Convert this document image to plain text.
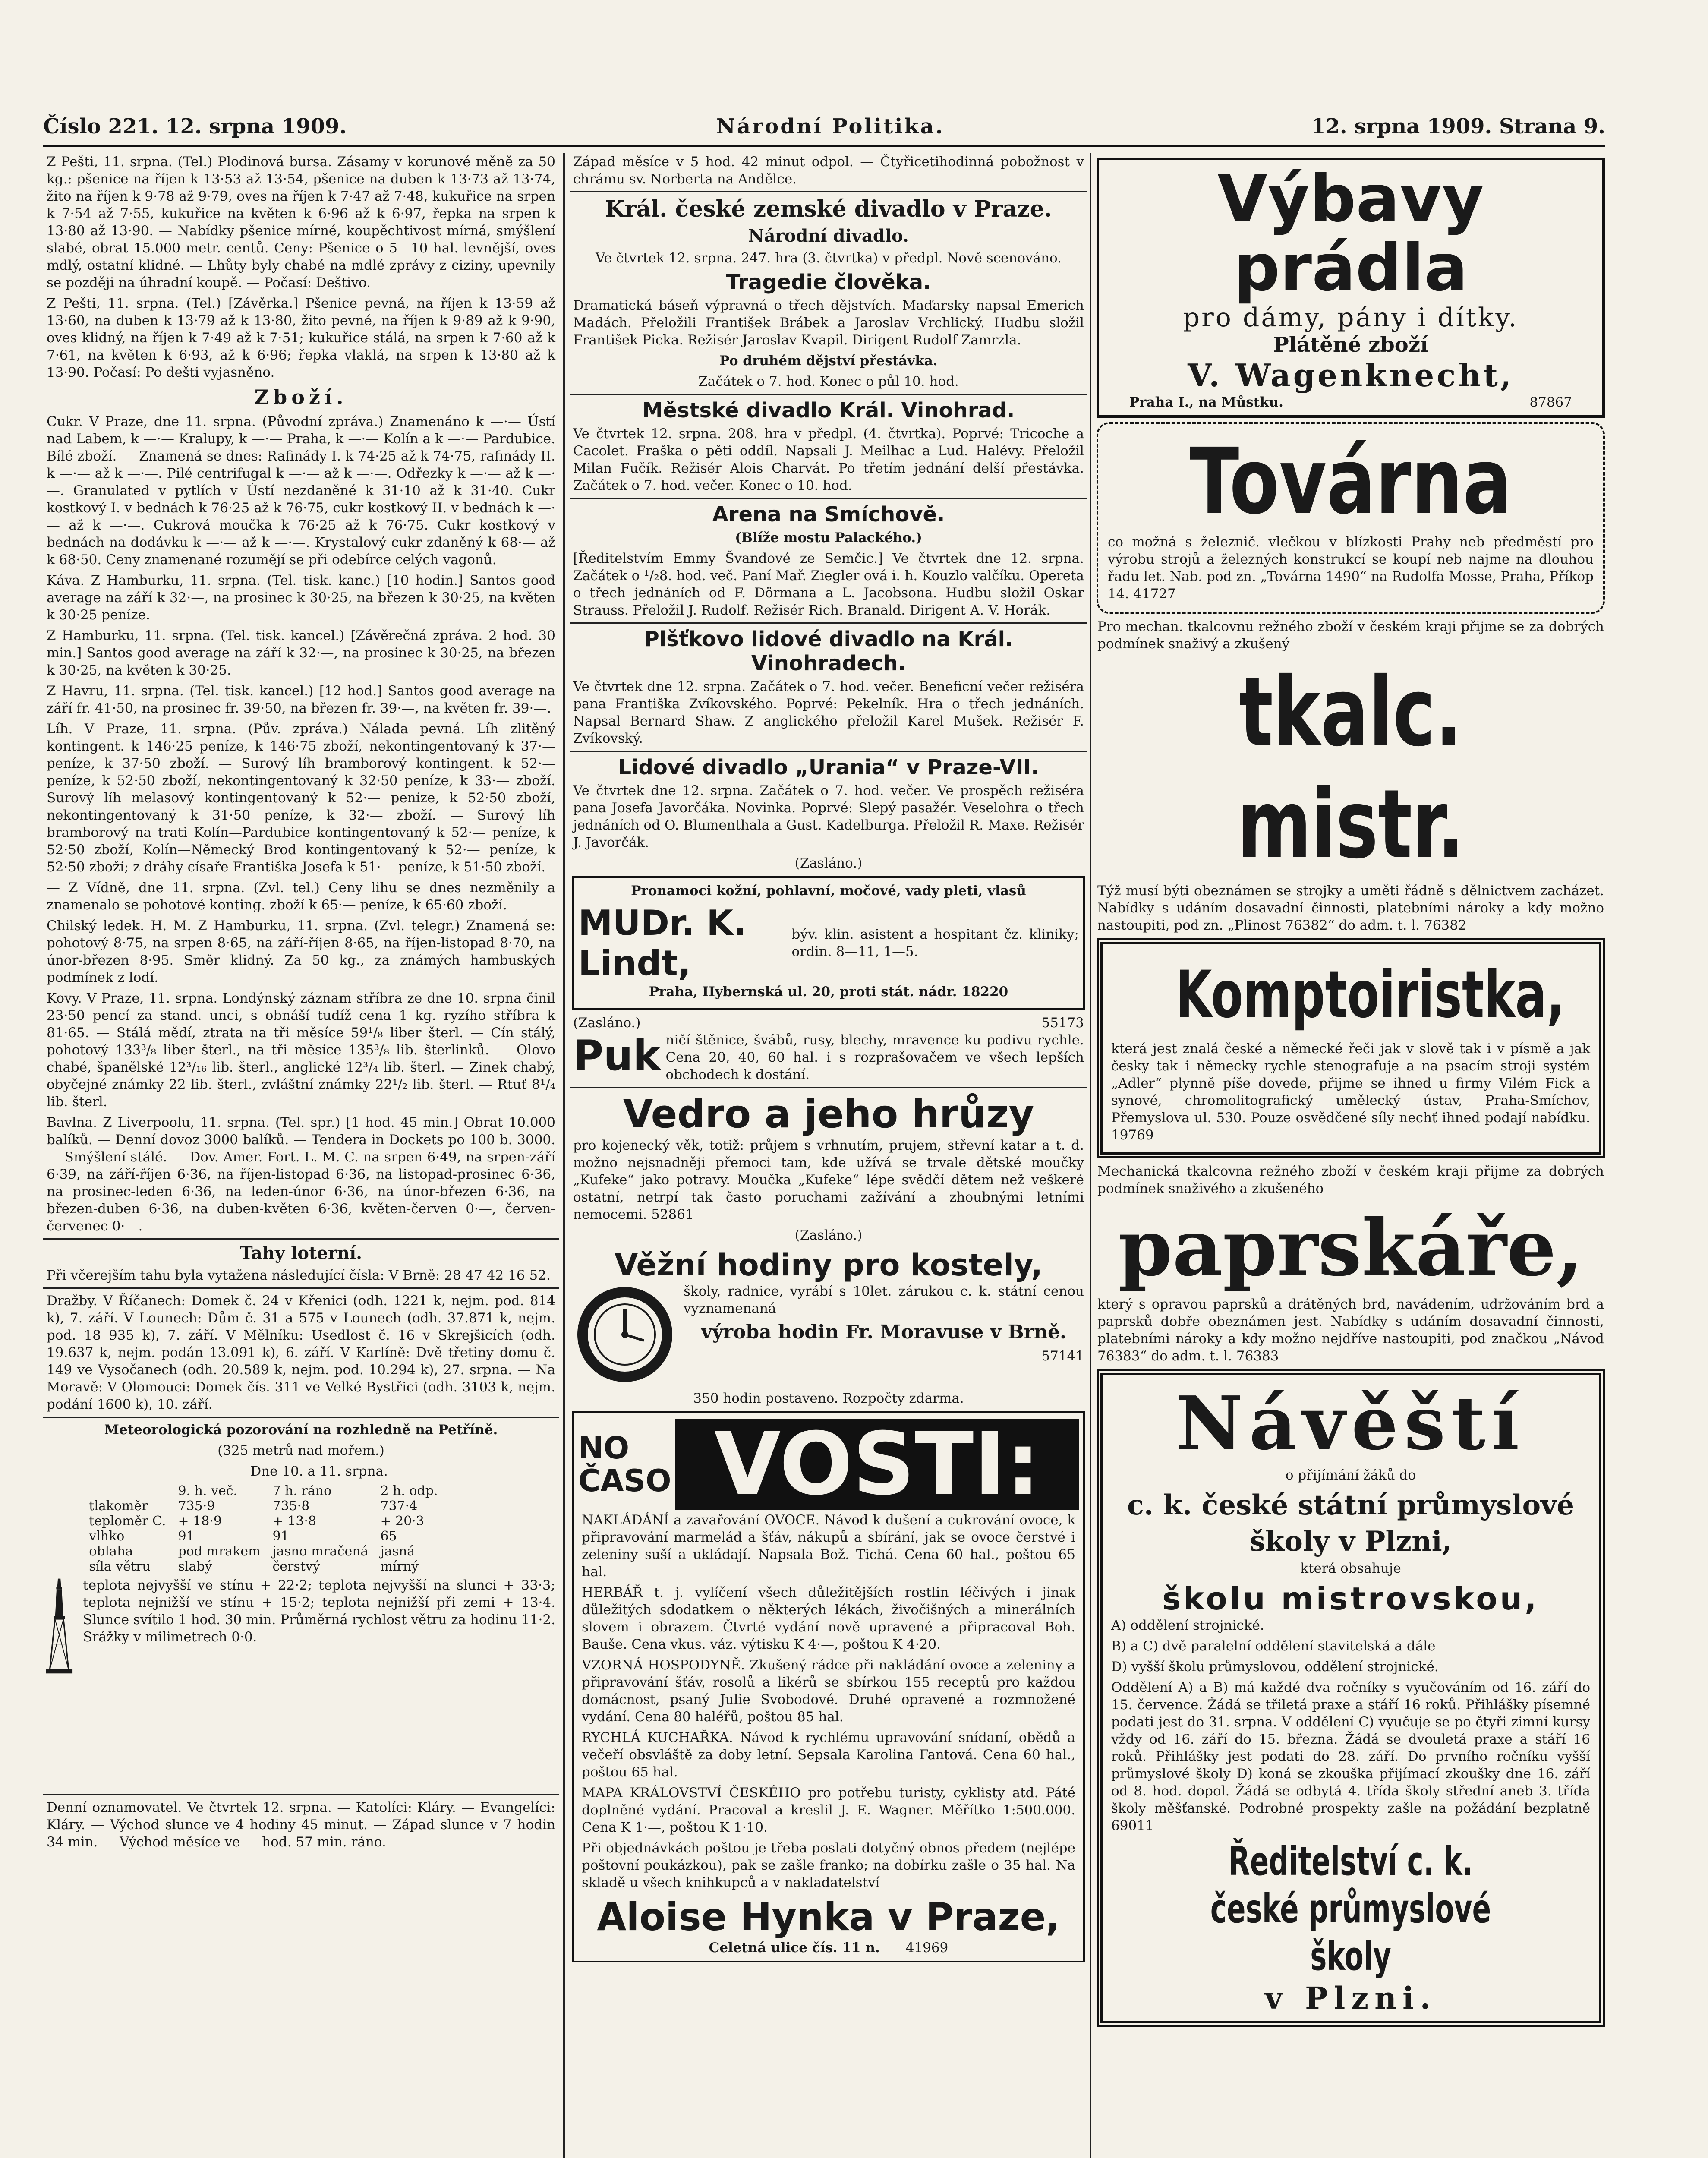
Číslo 221. 12. srpna 1909.	Národní Politika.	12. srpna 1909. Strana 9.
Z Pešti, 11. srpna. (Tel.) Plodinová bursa. Zásamy v korunové měně za 50 kg.: pšenice na říjen k 13·53 až 13·54, pšenice na duben k 13·73 až 13·74, žito na říjen k 9·78 až 9·79, oves na říjen k 7·47 až 7·48, kukuřice na srpen k 7·54 až 7·55, kukuřice na květen k 6·96 až k 6·97, řepka na srpen k 13·80 až 13·90. — Nabídky pšenice mírné, koupěchtivost mírná, smýšlení slabé, obrat 15.000 metr. centů. Ceny: Pšenice o 5—10 hal. levnější, oves mdlý, ostatní klidné. — Lhůty byly chabé na mdlé zprávy z ciziny, upevnily se později na úhradní koupě. — Počasí: Deštivo.
Z Pešti, 11. srpna. (Tel.) [Závěrka.] Pšenice pevná, na říjen k 13·59 až 13·60, na duben k 13·79 až k 13·80, žito pevné, na říjen k 9·89 až k 9·90, oves klidný, na říjen k 7·49 až k 7·51; kukuřice stálá, na srpen k 7·60 až k 7·61, na květen k 6·93, až k 6·96; řepka vlaklá, na srpen k 13·80 až k 13·90. Počasí: Po dešti vyjasněno.
Zboží.
Cukr. V Praze, dne 11. srpna. (Původní zpráva.) Znamenáno k —·— Ústí nad Labem, k —·— Kralupy, k —·— Praha, k —·— Kolín a k —·— Pardubice. Bílé zboží. — Znamená se dnes: Rafinády I. k 74·25 až k 74·75, rafinády II. k —·— až k —·—. Pilé centrifugal k —·— až k —·—. Odřezky k —·— až k —·—. Granulated v pytlích v Ústí nezdaněné k 31·10 až k 31·40. Cukr kostkový I. v bednách k 76·25 až k 76·75, cukr kostkový II. v bednách k —·— až k —·—. Cukrová moučka k 76·25 až k 76·75. Cukr kostkový v bednách na dodávku k —·— až k —·—. Krystalový cukr zdaněný k 68·— až k 68·50. Ceny znamenané rozumějí se při odebírce celých vagonů.
Káva. Z Hamburku, 11. srpna. (Tel. tisk. kanc.) [10 hodin.] Santos good average na září k 32·—, na prosinec k 30·25, na březen k 30·25, na květen k 30·25 peníze.
Z Hamburku, 11. srpna. (Tel. tisk. kancel.) [Závěrečná zpráva. 2 hod. 30 min.] Santos good average na září k 32·—, na prosinec k 30·25, na březen k 30·25, na květen k 30·25.
Z Havru, 11. srpna. (Tel. tisk. kancel.) [12 hod.] Santos good average na září fr. 41·50, na prosinec fr. 39·50, na březen fr. 39·—, na květen fr. 39·—.
Líh. V Praze, 11. srpna. (Pův. zpráva.) Nálada pevná. Líh zlitěný kontingent. k 146·25 peníze, k 146·75 zboží, nekontingentovaný k 37·— peníze, k 37·50 zboží. — Surový líh bramborový kontingent. k 52·— peníze, k 52·50 zboží, nekontingentovaný k 32·50 peníze, k 33·— zboží. Surový líh melasový kontingentovaný k 52·— peníze, k 52·50 zboží, nekontingentovaný k 31·50 peníze, k 32·— zboží. — Surový líh bramborový na trati Kolín—Pardubice kontingentovaný k 52·— peníze, k 52·50 zboží, Kolín—Německý Brod kontingentovaný k 52·— peníze, k 52·50 zboží; z dráhy císaře Františka Josefa k 51·— peníze, k 51·50 zboží.
— Z Vídně, dne 11. srpna. (Zvl. tel.) Ceny lihu se dnes nezměnily a znamenalo se pohotové konting. zboží k 65·— peníze, k 65·60 zboží.
Chilský ledek. H. M. Z Hamburku, 11. srpna. (Zvl. telegr.) Znamená se: pohotový 8·75, na srpen 8·65, na září-říjen 8·65, na říjen-listopad 8·70, na únor-březen 8·95. Směr klidný. Za 50 kg., za známých hambuských podmínek z lodí.
Kovy. V Praze, 11. srpna. Londýnský záznam stříbra ze dne 10. srpna činil 23·50 pencí za stand. unci, s obnáší tudíž cena 1 kg. ryzího stříbra k 81·65. — Stálá mědí, ztrata na tři měsíce 59¹/₈ liber šterl. — Cín stálý, pohotový 133³/₈ liber šterl., na tři měsíce 135³/₈ lib. šterlinků. — Olovo chabé, španělské 12³/₁₆ lib. šterl., anglické 12³/₄ lib. šterl. — Zinek chabý, obyčejné známky 22 lib. šterl., zvláštní známky 22¹/₂ lib. šterl. — Rtuť 8¹/₄ lib. šterl.
Bavlna. Z Liverpoolu, 11. srpna. (Tel. spr.) [1 hod. 45 min.] Obrat 10.000 balíků. — Denní dovoz 3000 balíků. — Tendera in Dockets po 100 b. 3000. — Smýšlení stálé. — Dov. Amer. Fort. L. M. C. na srpen 6·49, na srpen-září 6·39, na září-říjen 6·36, na říjen-listopad 6·36, na listopad-prosinec 6·36, na prosinec-leden 6·36, na leden-únor 6·36, na únor-březen 6·36, na březen-duben 6·36, na duben-květen 6·36, květen-červen 0·—, červen-červenec 0·—.
Tahy loterní.
Při včerejším tahu byla vytažena následující čísla: V Brně: 28 47 42 16 52.
Dražby. V Říčanech: Domek č. 24 v Křenici (odh. 1221 k, nejm. pod. 814 k), 7. září. V Lounech: Dům č. 31 a 575 v Lounech (odh. 37.871 k, nejm. pod. 18 935 k), 7. září. V Mělníku: Usedlost č. 16 v Skrejšicích (odh. 19.637 k, nejm. podán 13.091 k), 6. září. V Karlíně: Dvě třetiny domu č. 149 ve Vysočanech (odh. 20.589 k, nejm. pod. 10.294 k), 27. srpna. — Na Moravě: V Olomouci: Domek čís. 311 ve Velké Bystřici (odh. 3103 k, nejm. podání 1600 k), 10. září.
Meteorologická pozorování na rozhledně na Petříně.
(325 metrů nad mořem.)
Dne 10. a 11. srpna.
	9. h. več.	7 h. ráno	2 h. odp.
tlakoměr	735·9	735·8	737·4
teploměr C.	+ 18·9	+ 13·8	+ 20·3
vlhko	91	91	65
oblaha	pod mrakem	jasno mračená	jasná
síla větru	slabý	čerstvý	mírný
teplota nejvyšší ve stínu + 22·2; teplota nejvyšší na slunci + 33·3; teplota nejnižší ve stínu + 15·2; teplota nejnižší při zemi + 13·4. Slunce svítilo 1 hod. 30 min. Průměrná rychlost větru za hodinu 11·2. Srážky v milimetrech 0·0.
Denní oznamovatel. Ve čtvrtek 12. srpna. — Katolíci: Kláry. — Evangelíci: Kláry. — Východ slunce ve 4 hodiny 45 minut. — Západ slunce v 7 hodin 34 min. — Východ měsíce ve — hod. 57 min. ráno.
Západ měsíce v 5 hod. 42 minut odpol. — Čtyřicetihodinná pobožnost v chrámu sv. Norberta na Andělce.
Král. české zemské divadlo v Praze.
Národní divadlo.
Ve čtvrtek 12. srpna. 247. hra (3. čtvrtka) v předpl. Nově scenováno.
Tragedie člověka.
Dramatická báseň výpravná o třech dějstvích. Maďarsky napsal Emerich Madách. Přeložili František Brábek a Jaroslav Vrchlický. Hudbu složil František Picka. Režisér Jaroslav Kvapil. Dirigent Rudolf Zamrzla.
Po druhém dějství přestávka.
Začátek o 7. hod. Konec o půl 10. hod.
Městské divadlo Král. Vinohrad.
Ve čtvrtek 12. srpna. 208. hra v předpl. (4. čtvrtka). Poprvé: Tricoche a Cacolet. Fraška o pěti oddíl. Napsali J. Meilhac a Lud. Halévy. Přeložil Milan Fučík. Režisér Alois Charvát. Po třetím jednání delší přestávka. Začátek o 7. hod. večer. Konec o 10. hod.
Arena na Smíchově.
(Blíže mostu Palackého.)
[Ředitelstvím Emmy Švandové ze Semčic.] Ve čtvrtek dne 12. srpna. Začátek o ¹/₂8. hod. več. Paní Mař. Ziegler ová i. h. Kouzlo valčíku. Opereta o třech jednáních od F. Dörmana a L. Jacobsona. Hudbu složil Oskar Strauss. Přeložil J. Rudolf. Režisér Rich. Branald. Dirigent A. V. Horák.
Plšťkovo lidové divadlo na Král. Vinohradech.
Ve čtvrtek dne 12. srpna. Začátek o 7. hod. večer. Beneficní večer režiséra pana Františka Zvíkovského. Poprvé: Pekelník. Hra o třech jednáních. Napsal Bernard Shaw. Z anglického přeložil Karel Mušek. Režisér F. Zvíkovský.
Lidové divadlo „Urania“ v Praze-VII.
Ve čtvrtek dne 12. srpna. Začátek o 7. hod. večer. Ve prospěch režiséra pana Josefa Javorčáka. Novinka. Poprvé: Slepý pasažér. Veselohra o třech jednáních od O. Blumenthala a Gust. Kadelburga. Přeložil R. Maxe. Režisér J. Javorčák.
(Zasláno.)
Pronamoci kožní, pohlavní, močové, vady pleti, vlasů
MUDr. K. Lindt,
býv. klin. asistent a hospitant čz. kliniky; ordin. 8—11, 1—5.
Praha, Hybernská ul. 20, proti stát. nádr. 18220
(Zasláno.)	55173
Puk ničí štěnice, švábů, rusy, blechy, mravence ku podivu rychle. Cena 20, 40, 60 hal. i s rozprašovačem ve všech lepších obchodech k dostání.
Vedro a jeho hrůzy
pro kojenecký věk, totiž: průjem s vrhnutím, prujem, střevní katar a t. d. možno nejsnadněji přemoci tam, kde užívá se trvale dětské moučky „Kufeke“ jako potravy. Moučka „Kufeke“ lépe svědčí dětem než veškeré ostatní, netrpí tak často poruchami zažívání a zhoubnými letními nemocemi. 52861
(Zasláno.)
Věžní hodiny pro kostely,
školy, radnice, vyrábí s 10let. zárukou c. k. státní cenou vyznamenaná
výroba hodin Fr. Moravuse v Brně.
57141
350 hodin postaveno. Rozpočty zdarma.
NO
ČASO VOSTI:
NAKLÁDÁNÍ a zavařování OVOCE. Návod k dušení a cukrování ovoce, k připravování marmelád a šťáv, nákupů a sbírání, jak se ovoce čerstvé i zeleniny suší a ukládají. Napsala Bož. Tichá. Cena 60 hal., poštou 65 hal.
HERBÁŘ t. j. vylíčení všech důležitějších rostlin léčivých i jinak důležitých sdodatkem o některých lékách, živočišných a minerálních slovem i obrazem. Čtvrté vydání nově upravené a připracoval Boh. Bauše. Cena vkus. váz. výtisku K 4·—, poštou K 4·20.
VZORNÁ HOSPODYNĚ. Zkušený rádce při nakládání ovoce a zeleniny a připravování šťáv, rosolů a likérů se sbírkou 155 receptů pro každou domácnost, psaný Julie Svobodové. Druhé opravené a rozmnožené vydání. Cena 80 haléřů, poštou 85 hal.
RYCHLÁ KUCHAŘKA. Návod k rychlému upravování snídaní, obědů a večeří obsvláště za doby letní. Sepsala Karolina Fantová. Cena 60 hal., poštou 65 hal.
MAPA KRÁLOVSTVÍ ČESKÉHO pro potřebu turisty, cyklisty atd. Páté doplněné vydání. Pracoval a kreslil J. E. Wagner. Měřítko 1:500.000. Cena K 1·—, poštou K 1·10.
Při objednávkách poštou je třeba poslati dotyčný obnos předem (nejlépe poštovní poukázkou), pak se zašle franko; na dobírku zašle o 35 hal. Na skladě u všech knihkupců a v nakladatelství
Aloise Hynka v Praze,
Celetná ulice čís. 11 n. 41969
Výbavy prádla
pro dámy, pány i dítky.
Plátěné zboží
V. Wagenknecht,
Praha I., na Můstku.	87867
Továrna
co možná s železnič. vlečkou v blízkosti Prahy neb předměstí pro výrobu strojů a železných konstrukcí se koupí neb najme na dlouhou řadu let. Nab. pod zn. „Továrna 1490“ na Rudolfa Mosse, Praha, Příkop 14. 41727
Pro mechan. tkalcovnu režného zboží v českém kraji přijme se za dobrých podmínek snaživý a zkušený
tkalc. mistr.
Týž musí býti obeznámen se strojky a uměti řádně s dělnictvem zacházet. Nabídky s udáním dosavadní činnosti, platebními nároky a kdy možno nastoupiti, pod zn. „Plinost 76382“ do adm. t. l. 76382
Komptoiristka,
která jest znalá české a německé řeči jak v slově tak i v písmě a jak česky tak i německy rychle stenografuje a na psacím stroji systém „Adler“ plynně píše dovede, přijme se ihned u firmy Vilém Fick a synové, chromolitografický umělecký ústav, Praha-Smíchov, Přemyslova ul. 530. Pouze osvědčené síly nechť ihned podají nabídku. 19769
Mechanická tkalcovna režného zboží v českém kraji přijme za dobrých podmínek snaživého a zkušeného
paprskáře,
který s opravou paprsků a drátěných brd, navádením, udržováním brd a paprsků dobře obeznámen jest. Nabídky s udáním dosavadní činnosti, platebními nároky a kdy možno nejdříve nastoupiti, pod značkou „Návod 76383“ do adm. t. l. 76383
Návěští
o přijímání žáků do
c. k. české státní průmyslové školy v Plzni,
která obsahuje
školu mistrovskou,
A) oddělení strojnické.
B) a C) dvě paralelní oddělení stavitelská a dále
D) vyšší školu průmyslovou, oddělení strojnické.
Oddělení A) a B) má každé dva ročníky s vyučováním od 16. září do 15. července. Žádá se třiletá praxe a stáří 16 roků. Přihlášky písemné podati jest do 31. srpna. V oddělení C) vyučuje se po čtyři zimní kursy vždy od 16. září do 15. března. Žádá se dvouletá praxe a stáří 16 roků. Přihlášky jest podati do 28. září. Do prvního ročníku vyšší průmyslové školy D) koná se zkouška přijímací zkoušky dne 16. září od 8. hod. dopol. Žádá se odbytá 4. třída školy střední aneb 3. třída školy měšťanské. Podrobné prospekty zašle na požádání bezplatně 69011
Ředitelství c. k. české průmyslové školy
v Plzni.
